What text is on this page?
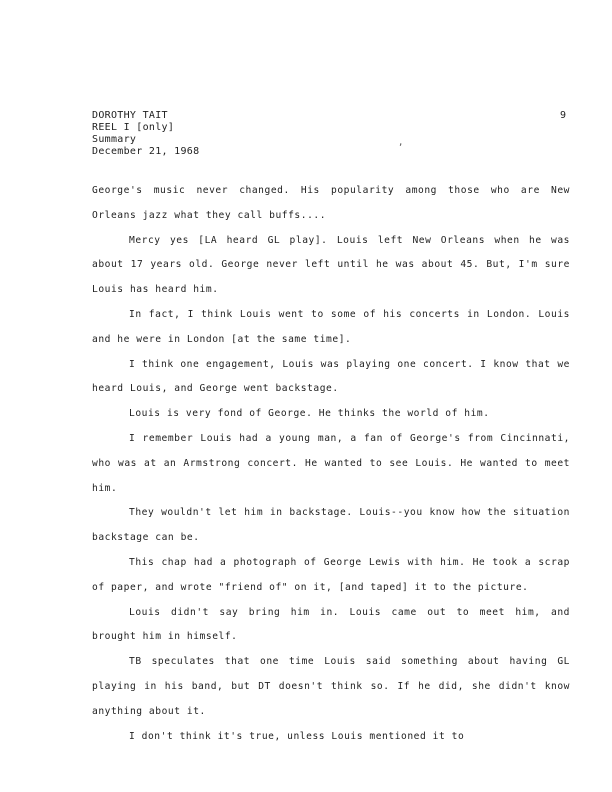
DOROTHY TAIT
REEL I [only]
Summary
December 21, 1968
9
,

George's music never changed. His popularity among those who are New Orleans jazz what they call buffs....

Mercy yes [LA heard GL play]. Louis left New Orleans when he was about 17 years old. George never left until he was about 45. But, I'm sure Louis has heard him.

In fact, I think Louis went to some of his concerts in London. Louis and he were in London [at the same time].

I think one engagement, Louis was playing one concert. I know that we heard Louis, and George went backstage.

Louis is very fond of George. He thinks the world of him.

I remember Louis had a young man, a fan of George's from Cincinnati, who was at an Armstrong concert. He wanted to see Louis. He wanted to meet him.

They wouldn't let him in backstage. Louis--you know how the situation backstage can be.

This chap had a photograph of George Lewis with him. He took a scrap of paper, and wrote "friend of" on it, [and taped] it to the picture.

Louis didn't say bring him in. Louis came out to meet him, and brought him in himself.

TB speculates that one time Louis said something about having GL playing in his band, but DT doesn't think so. If he did, she didn't know anything about it.

I don't think it's true, unless Louis mentioned it to
